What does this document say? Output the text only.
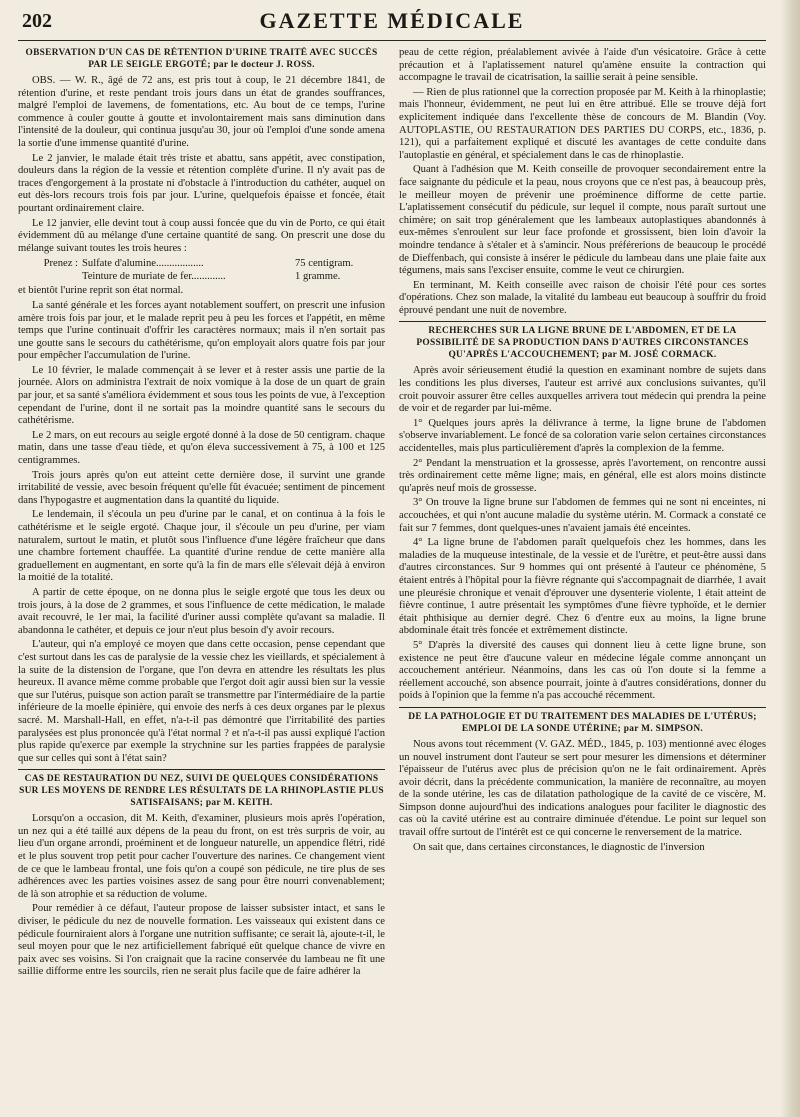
202	GAZETTE MÉDICALE
OBSERVATION D'UN CAS DE RÉTENTION D'URINE TRAITÉ AVEC SUCCÈS PAR LE SEIGLE ERGOTÉ; par le docteur J. ROSS.

OBS. — W. R., âgé de 72 ans, est pris tout à coup, le 21 décembre 1841, de rétention d'urine, et reste pendant trois jours dans un état de grandes souffrances, malgré l'emploi de lavemens, de fomentations, etc. Au bout de ce temps, l'urine commence à couler goutte à goutte et involontairement mais sans diminution dans l'intensité de la douleur, qui continua jusqu'au 30, jour où l'emploi d'une sonde amena la sortie d'une immense quantité d'urine.

Le 2 janvier, le malade était très triste et abattu, sans appétit, avec constipation, douleurs dans la région de la vessie et rétention complète d'urine. Il n'y avait pas de traces d'engorgement à la prostate ni d'obstacle à l'introduction du cathéter, auquel on eut dès-lors recours trois fois par jour. L'urine, quelquefois épaisse et foncée, était pourtant ordinairement claire.

Le 12 janvier, elle devint tout à coup aussi foncée que du vin de Porto, ce qui était évidemment dû au mélange d'une certaine quantité de sang. On prescrit une dose du mélange suivant toutes les trois heures :

Prenez : Sulfate d'alumine..................	75 centigram.
Teinture de muriate de fer.............	1 gramme.

et bientôt l'urine reprit son état normal.

La santé générale et les forces ayant notablement souffert, on prescrit une infusion amère trois fois par jour, et le malade reprit peu à peu les forces et l'appétit, en même temps que l'urine continuait d'offrir les caractères normaux; mais il n'en sortait pas une goutte sans le secours du cathétérisme, qu'on employait alors quatre fois par jour pour empêcher l'accumulation de l'urine.

Le 10 février, le malade commençait à se lever et à rester assis une partie de la journée. Alors on administra l'extrait de noix vomique à la dose de un quart de grain par jour, et sa santé s'améliora évidemment et sous tous les points de vue, à l'exception cependant de l'urine, dont il ne sortait pas la moindre quantité sans le secours du cathétérisme.

Le 2 mars, on eut recours au seigle ergoté donné à la dose de 50 centigram. chaque matin, dans une tasse d'eau tiède, et qu'on éleva successivement à 75, à 100 et 125 centigrammes.

Trois jours après qu'on eut atteint cette dernière dose, il survint une grande irritabilité de vessie, avec besoin fréquent qu'elle fût évacuée; sentiment de pincement dans l'hypogastre et augmentation dans la quantité du liquide.

Le lendemain, il s'écoula un peu d'urine par le canal, et on continua à la fois le cathétérisme et le seigle ergoté. Chaque jour, il s'écoule un peu d'urine, per viam naturalem, surtout le matin, et plutôt sous l'influence d'une légère fraîcheur que dans une chambre fortement chauffée. La quantité d'urine rendue de cette manière alla graduellement en augmentant, en sorte qu'à la fin de mars elle s'élevait déjà à environ la moitié de la totalité.

A partir de cette époque, on ne donna plus le seigle ergoté que tous les deux ou trois jours, à la dose de 2 grammes, et sous l'influence de cette médication, le malade avait recouvré, le 1er mai, la facilité d'uriner aussi complète qu'avant sa maladie. Il abandonna le cathéter, et depuis ce jour n'eut plus besoin d'y avoir recours.

L'auteur, qui n'a employé ce moyen que dans cette occasion, pense cependant que c'est surtout dans les cas de paralysie de la vessie chez les vieillards, et spécialement à la suite de la distension de l'organe, que l'on devra en attendre les résultats les plus heureux. Il avance même comme probable que l'ergot doit agir aussi bien sur la vessie que sur l'utérus, puisque son action paraît se transmettre par l'intermédiaire de la partie inférieure de la moelle épinière, qui envoie des nerfs à ces deux organes par le plexus sacré. M. Marshall-Hall, en effet, n'a-t-il pas démontré que l'irritabilité des parties paralysées est plus prononcée qu'à l'état normal ? et n'a-t-il pas aussi expliqué l'action plus rapide qu'exerce par exemple la strychnine sur les parties frappées de paralysie que sur celles qui sont à l'état sain?

CAS DE RESTAURATION DU NEZ, SUIVI DE QUELQUES CONSIDÉRATIONS SUR LES MOYENS DE RENDRE LES RÉSULTATS DE LA RHINOPLASTIE PLUS SATISFAISANS; par M. KEITH.

Lorsqu'on a occasion, dit M. Keith, d'examiner, plusieurs mois après l'opération, un nez qui a été taillé aux dépens de la peau du front, on est très surpris de voir, au lieu d'un organe arrondi, proéminent et de longueur naturelle, un appendice flétri, ridé et le plus souvent trop petit pour cacher l'ouverture des narines. Ce changement vient de ce que le lambeau frontal, une fois qu'on a coupé son pédicule, ne tire plus de ses adhérences avec les parties voisines assez de sang pour être nourri convenablement; de là son atrophie et sa réduction de volume.

Pour remédier à ce défaut, l'auteur propose de laisser subsister intact, et sans le diviser, le pédicule du nez de nouvelle formation. Les vaisseaux qui existent dans ce pédicule fourniraient alors à l'organe une nutrition suffisante; ce serait là, ajoute-t-il, le seul moyen pour que le nez artificiellement fabriqué eût quelque chance de vivre en paix avec ses voisins. Si l'on craignait que la racine conservée du lambeau ne fît une saillie difforme entre les sourcils, rien ne serait plus facile que de faire adhérer la

peau de cette région, préalablement avivée à l'aide d'un vésicatoire. Grâce à cette précaution et à l'aplatissement naturel qu'amène ensuite la contraction qui accompagne le travail de cicatrisation, la saillie serait à peine sensible.

— Rien de plus rationnel que la correction proposée par M. Keith à la rhinoplastie; mais l'honneur, évidemment, ne peut lui en être attribué. Elle se trouve déjà fort explicitement indiquée dans l'excellente thèse de concours de M. Blandin (Voy. AUTOPLASTIE, OU RESTAURATION DES PARTIES DU CORPS, etc., 1836, p. 121), qui a parfaitement expliqué et discuté les avantages de cette conduite dans l'autoplastie en général, et spécialement dans le cas de rhinoplastie.

Quant à l'adhésion que M. Keith conseille de provoquer secondairement entre la face saignante du pédicule et la peau, nous croyons que ce n'est pas, à beaucoup près, le meilleur moyen de prévenir une proéminence difforme de cette partie. L'aplatissement consécutif du pédicule, sur lequel il compte, nous paraît surtout une chimère; on sait trop généralement que les lambeaux autoplastiques abandonnés à eux-mêmes s'enroulent sur leur face profonde et grossissent, bien loin d'avoir la moindre tendance à s'étaler et à s'amincir. Nous préférerions de beaucoup le procédé de Dieffenbach, qui consiste à insérer le pédicule du lambeau dans une plaie faite aux tégumens, mais sans l'exciser ensuite, comme le veut ce chirurgien.

En terminant, M. Keith conseille avec raison de choisir l'été pour ces sortes d'opérations. Chez son malade, la vitalité du lambeau eut beaucoup à souffrir du froid éprouvé pendant une nuit de novembre.

RECHERCHES SUR LA LIGNE BRUNE DE L'ABDOMEN, ET DE LA POSSIBILITÉ DE SA PRODUCTION DANS D'AUTRES CIRCONSTANCES QU'APRÈS L'ACCOUCHEMENT; par M. JOSÉ CORMACK.

Après avoir sérieusement étudié la question en examinant nombre de sujets dans les conditions les plus diverses, l'auteur est arrivé aux conclusions suivantes, qu'il croit pouvoir assurer être celles auxquelles arrivera tout médecin qui prendra la peine de voir et de regarder par lui-même.

1° Quelques jours après la délivrance à terme, la ligne brune de l'abdomen s'observe invariablement. Le foncé de sa coloration varie selon certaines circonstances accidentelles, mais plus particulièrement d'après la complexion de la femme.

2° Pendant la menstruation et la grossesse, après l'avortement, on rencontre aussi très ordinairement cette même ligne; mais, en général, elle est alors moins distincte qu'après neuf mois de grossesse.

3° On trouve la ligne brune sur l'abdomen de femmes qui ne sont ni enceintes, ni accouchées, et qui n'ont aucune maladie du système utérin. M. Cormack a constaté ce fait sur 7 femmes, dont quelques-unes n'avaient jamais été enceintes.

4° La ligne brune de l'abdomen paraît quelquefois chez les hommes, dans les maladies de la muqueuse intestinale, de la vessie et de l'urètre, et peut-être aussi dans d'autres circonstances. Sur 9 hommes qui ont présenté à l'auteur ce phénomène, 5 étaient entrés à l'hôpital pour la fièvre régnante qui s'accompagnait de diarrhée, 1 avait une pleurésie chronique et venait d'éprouver une dysenterie violente, 1 était atteint de fièvre continue, 1 autre présentait les symptômes d'une fièvre typhoïde, et le dernier était phthisique au dernier degré. Chez 6 d'entre eux au moins, la ligne brune abdominale était très foncée et extrêmement distincte.

5° D'après la diversité des causes qui donnent lieu à cette ligne brune, son existence ne peut être d'aucune valeur en médecine légale comme annonçant un accouchement antérieur. Néanmoins, dans les cas où l'on doute si la femme a réellement accouché, son absence pourrait, jointe à d'autres considérations, donner du poids à l'opinion que la femme n'a pas accouché récemment.

DE LA PATHOLOGIE ET DU TRAITEMENT DES MALADIES DE L'UTÉRUS; EMPLOI DE LA SONDE UTÉRINE; par M. SIMPSON.

Nous avons tout récemment (V. GAZ. MÉD., 1845, p. 103) mentionné avec éloges un nouvel instrument dont l'auteur se sert pour mesurer les dimensions et déterminer l'épaisseur de l'utérus avec plus de précision qu'on ne le fait ordinairement. Après avoir décrit, dans la précédente communication, la manière de reconnaître, au moyen de la sonde utérine, les cas de dilatation pathologique de la cavité de ce viscère, M. Simpson donne aujourd'hui des indications analogues pour faciliter le diagnostic des cas où la cavité utérine est au contraire diminuée d'étendue. Le point sur lequel son travail offre surtout de l'intérêt est ce qui concerne le renversement de la matrice.

On sait que, dans certaines circonstances, le diagnostic de l'inversion
